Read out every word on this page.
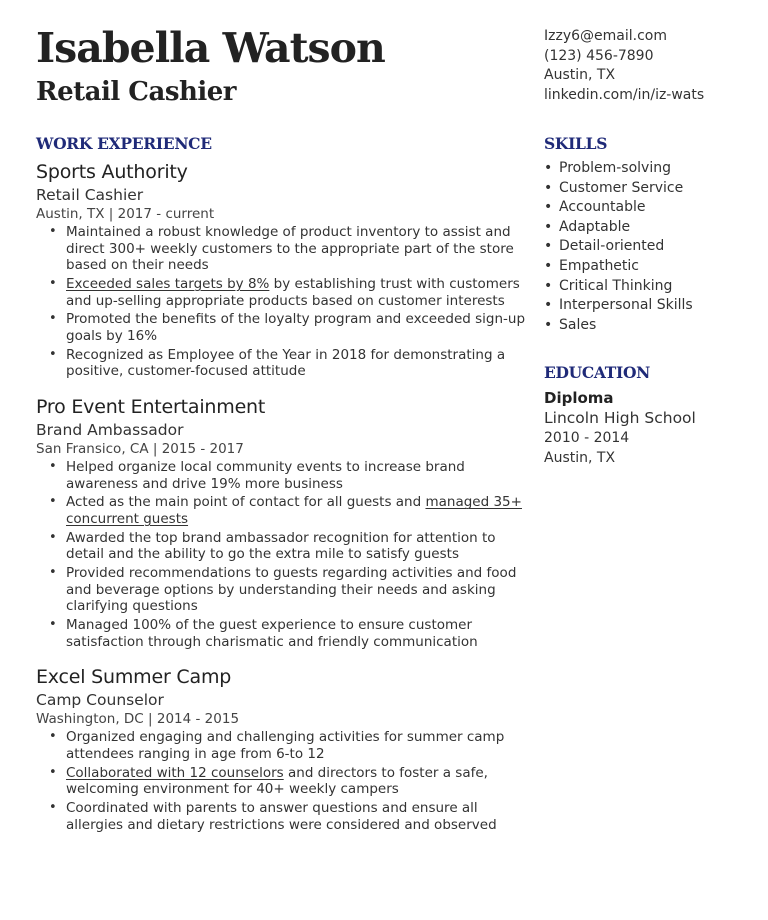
Isabella Watson
Retail Cashier
Izzy6@email.com
(123) 456-7890
Austin, TX
linkedin.com/in/iz-wats
WORK EXPERIENCE

Sports Authority

Retail Cashier

Austin, TX | 2017 - current

• Maintained a robust knowledge of product inventory to assist and direct 300+ weekly customers to the appropriate part of the store based on their needs
• Exceeded sales targets by 8% by establishing trust with customers and up-selling appropriate products based on customer interests
• Promoted the benefits of the loyalty program and exceeded sign-up goals by 16%
• Recognized as Employee of the Year in 2018 for demonstrating a positive, customer-focused attitude

Pro Event Entertainment

Brand Ambassador

San Fransico, CA | 2015 - 2017

• Helped organize local community events to increase brand awareness and drive 19% more business
• Acted as the main point of contact for all guests and managed 35+ concurrent guests
• Awarded the top brand ambassador recognition for attention to detail and the ability to go the extra mile to satisfy guests
• Provided recommendations to guests regarding activities and food and beverage options by understanding their needs and asking clarifying questions
• Managed 100% of the guest experience to ensure customer satisfaction through charismatic and friendly communication

Excel Summer Camp

Camp Counselor

Washington, DC | 2014 - 2015

• Organized engaging and challenging activities for summer camp attendees ranging in age from 6-to 12
• Collaborated with 12 counselors and directors to foster a safe, welcoming environment for 40+ weekly campers
• Coordinated with parents to answer questions and ensure all allergies and dietary restrictions were considered and observed
SKILLS
• Problem-solving
• Customer Service
• Accountable
• Adaptable
• Detail-oriented
• Empathetic
• Critical Thinking
• Interpersonal Skills
• Sales
EDUCATION

Diploma

Lincoln High School

2010 - 2014

Austin, TX
